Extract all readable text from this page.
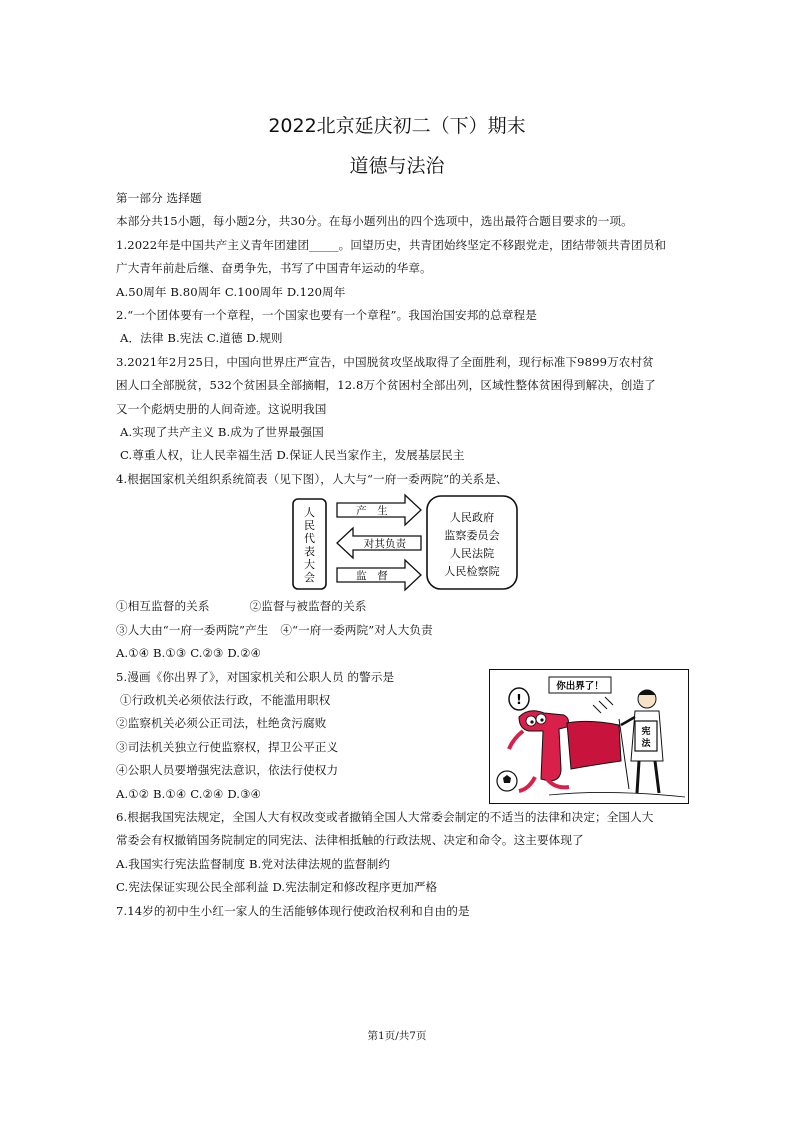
2022北京延庆初二（下）期末
道德与法治

第一部分 选择题

本部分共15小题，每小题2分，共30分。在每小题列出的四个选项中，选出最符合题目要求的一项。

1.2022年是中国共产主义青年团建团_____。回望历史，共青团始终坚定不移跟党走，团结带领共青团员和

广大青年前赴后继、奋勇争先，书写了中国青年运动的华章。

A.50周年 B.80周年 C.100周年 D.120周年

2.“一个团体要有一个章程，一个国家也要有一个章程”。我国治国安邦的总章程是

A．法律 B.宪法 C.道德 D.规则

3.2021年2月25日，中国向世界庄严宣告，中国脱贫攻坚战取得了全面胜利，现行标准下9899万农村贫

困人口全部脱贫，532个贫困县全部摘帽，12.8万个贫困村全部出列，区域性整体贫困得到解决，创造了

又一个彪炳史册的人间奇迹。这说明我国

A.实现了共产主义 B.成为了世界最强国

C.尊重人权，让人民幸福生活 D.保证人民当家作主，发展基层民主

4.根据国家机关组织系统简表（见下图），人大与“一府一委两院”的关系是、

人
民
代
表
大
会
产　生
对其负责
监　督
人民政府
监察委员会
人民法院
人民检察院

①相互监督的关系	②监督与被监督的关系

③人大由“一府一委两院”产生 ④“一府一委两院”对人大负责

A.①④ B.①③ C.②③ D.②④

5.漫画《你出界了》，对国家机关和公职人员 的警示是

①行政机关必须依法行政，不能滥用职权

②监察机关必须公正司法，杜绝贪污腐败

③司法机关独立行使监察权，捍卫公平正义

④公职人员要增强宪法意识，依法行使权力

A.①② B.①④ C.②④ D.③④

6.根据我国宪法规定，全国人大有权改变或者撤销全国人大常委会制定的不适当的法律和决定；全国人大

常委会有权撤销国务院制定的同宪法、法律相抵触的行政法规、决定和命令。这主要体现了

A.我国实行宪法监督制度 B.党对法律法规的监督制约

C.宪法保证实现公民全部利益 D.宪法制定和修改程序更加严格

7.14岁的初中生小红一家人的生活能够体现行使政治权利和自由的是

你出界了！
!
宪
法
第1页/共7页
